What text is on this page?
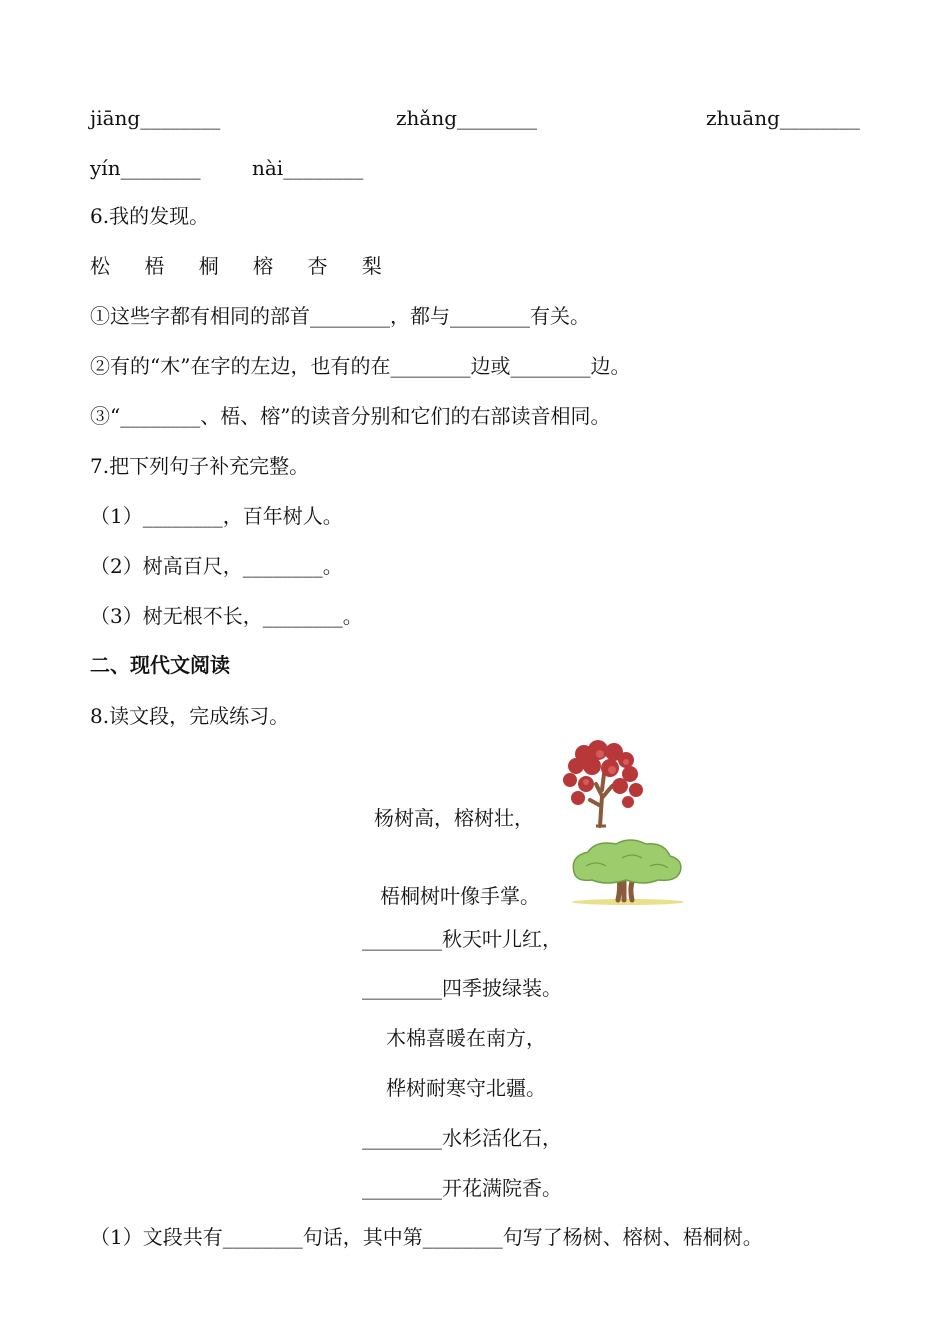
jiāng________	zhǎng________	zhuāng________
yín________	nài________
6.我的发现。
松 梧 桐 榕 杏 梨
①这些字都有相同的部首________，都与________有关。
②有的“木”在字的左边，也有的在________边或________边。
③“________、梧、榕”的读音分别和它们的右部读音相同。
7.把下列句子补充完整。
（1）________，百年树人。
（2）树高百尺，________。
（3）树无根不长，________。
二、现代文阅读
8.读文段，完成练习。
杨树高，榕树壮，
梧桐树叶像手掌。
________秋天叶儿红，
________四季披绿装。
木棉喜暖在南方，
桦树耐寒守北疆。
________水杉活化石，
________开花满院香。
（1）文段共有________句话，其中第________句写了杨树、榕树、梧桐树。
